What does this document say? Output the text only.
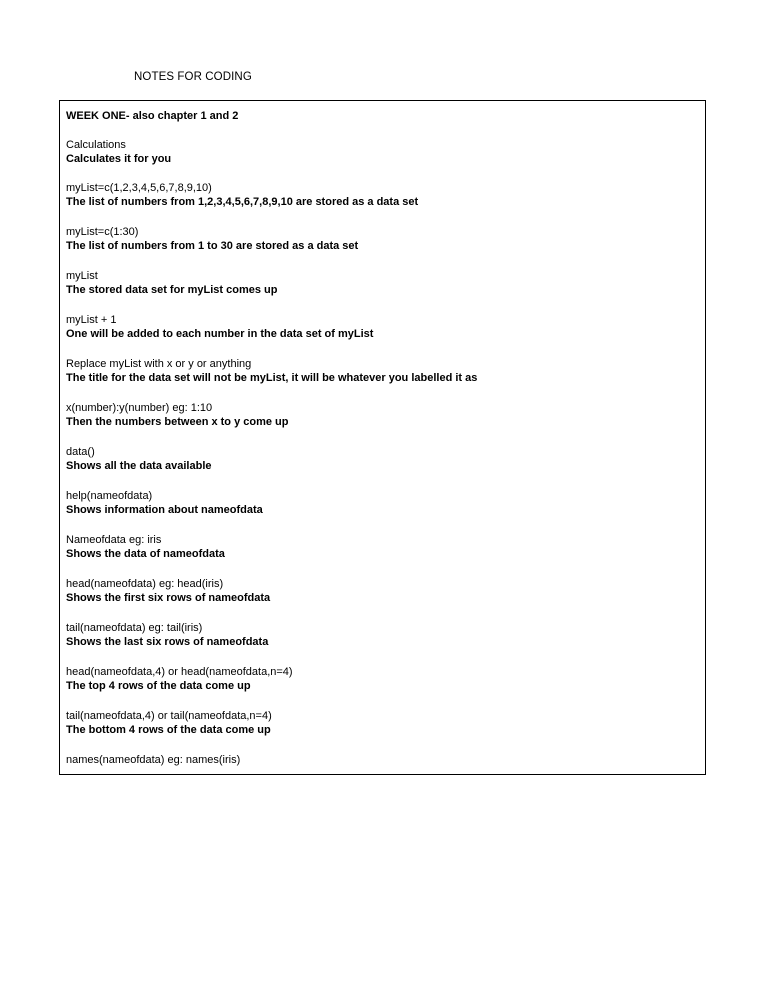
NOTES FOR CODING
WEEK ONE- also chapter 1 and 2
Calculations
Calculates it for you
myList=c(1,2,3,4,5,6,7,8,9,10)
The list of numbers from 1,2,3,4,5,6,7,8,9,10 are stored as a data set
myList=c(1:30)
The list of numbers from 1 to 30 are stored as a data set
myList
The stored data set for myList comes up
myList + 1
One will be added to each number in the data set of myList
Replace myList with x or y or anything
The title for the data set will not be myList, it will be whatever you labelled it as
x(number):y(number) eg: 1:10
Then the numbers between x to y come up
data()
Shows all the data available
help(nameofdata)
Shows information about nameofdata
Nameofdata eg: iris
Shows the data of nameofdata
head(nameofdata) eg: head(iris)
Shows the first six rows of nameofdata
tail(nameofdata) eg: tail(iris)
Shows the last six rows of nameofdata
head(nameofdata,4) or head(nameofdata,n=4)
The top 4 rows of the data come up
tail(nameofdata,4) or tail(nameofdata,n=4)
The bottom 4 rows of the data come up
names(nameofdata) eg: names(iris)
